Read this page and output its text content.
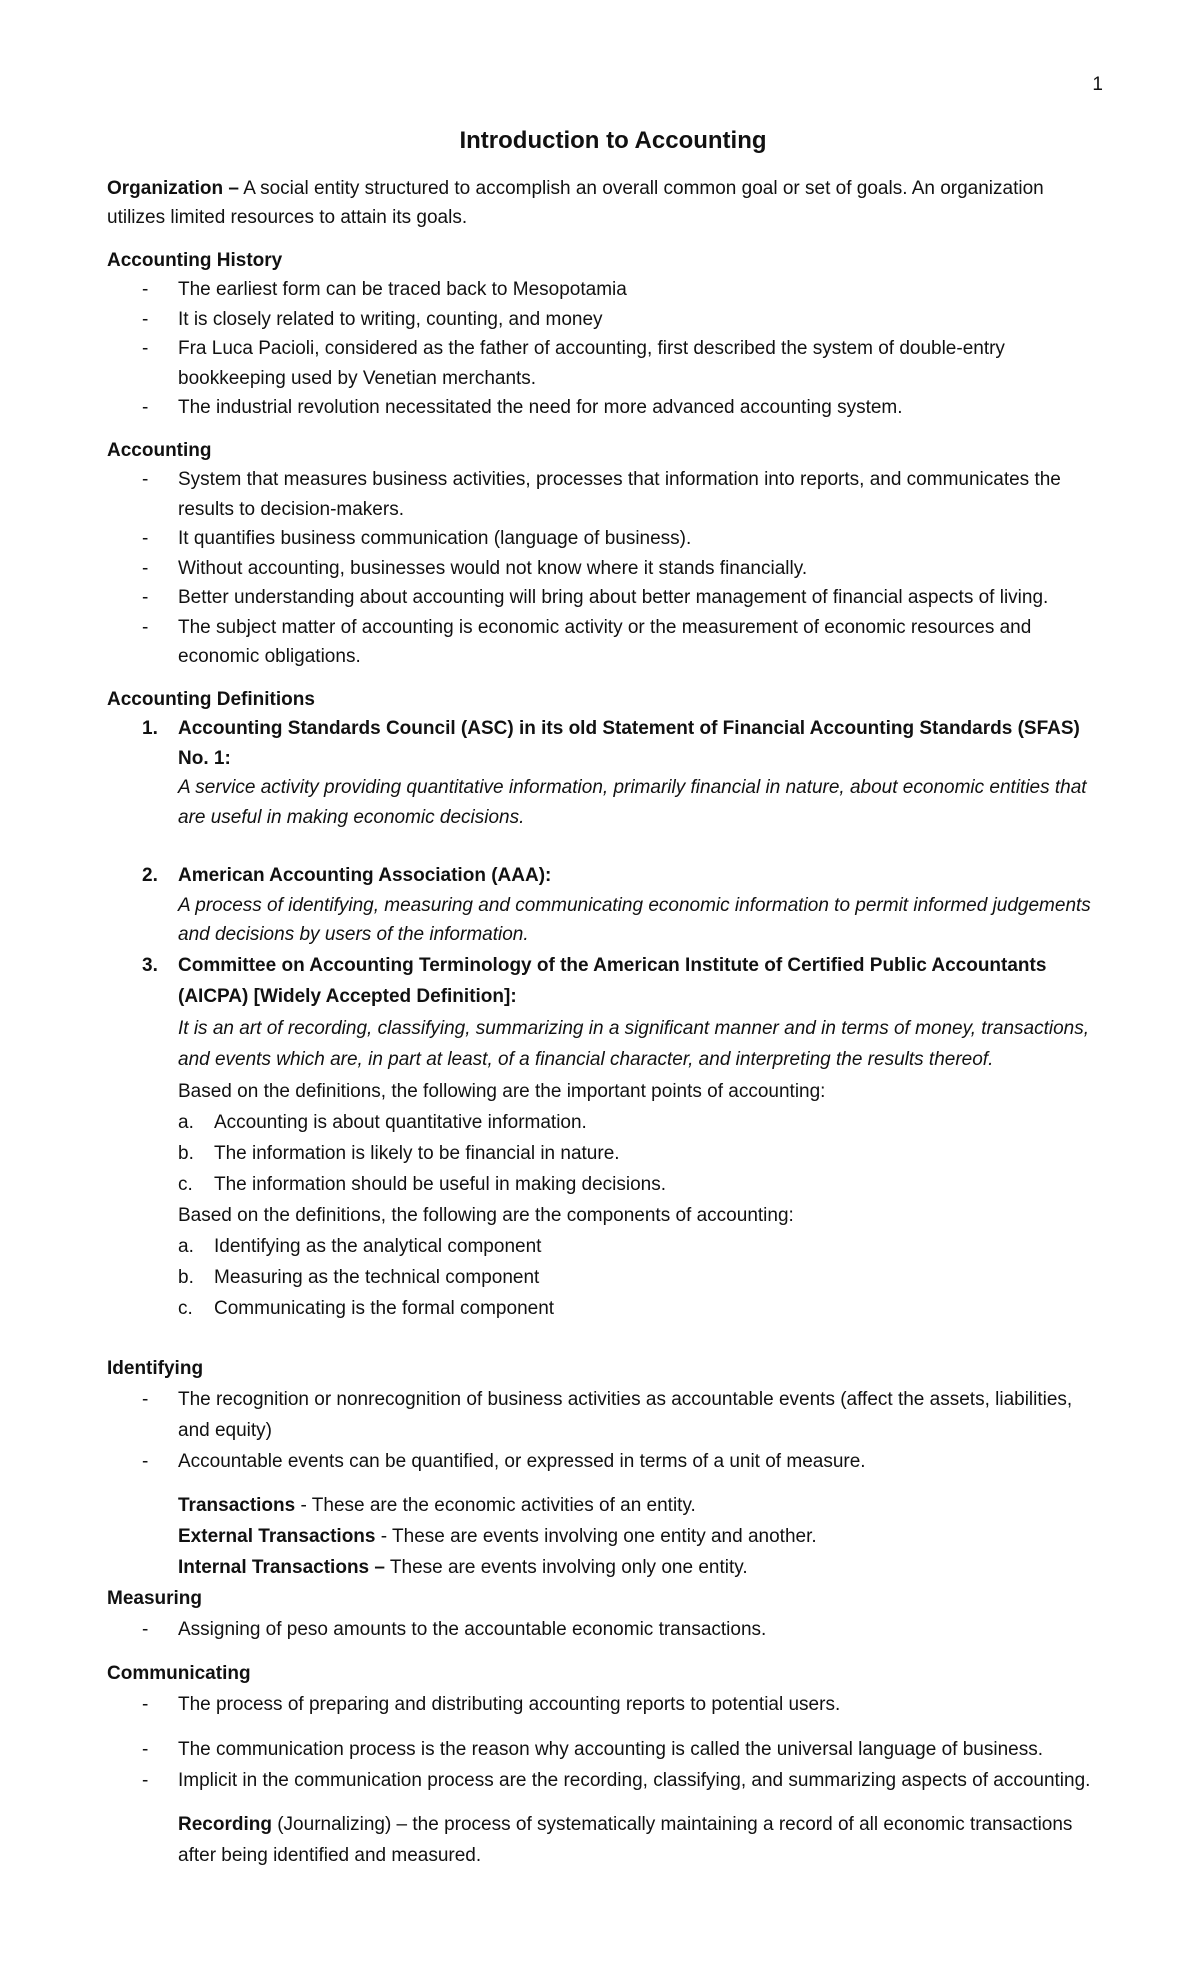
1
Introduction to Accounting

Organization – A social entity structured to accomplish an overall common goal or set of goals. An organization utilizes limited resources to attain its goals.

Accounting History
- The earliest form can be traced back to Mesopotamia
- It is closely related to writing, counting, and money
- Fra Luca Pacioli, considered as the father of accounting, first described the system of double-entry bookkeeping used by Venetian merchants.
- The industrial revolution necessitated the need for more advanced accounting system.
Accounting
- System that measures business activities, processes that information into reports, and communicates the results to decision-makers.
- It quantifies business communication (language of business).
- Without accounting, businesses would not know where it stands financially.
- Better understanding about accounting will bring about better management of financial aspects of living.
- The subject matter of accounting is economic activity or the measurement of economic resources and economic obligations.
Accounting Definitions
1. Accounting Standards Council (ASC) in its old Statement of Financial Accounting Standards (SFAS) No. 1:
A service activity providing quantitative information, primarily financial in nature, about economic entities that are useful in making economic decisions.
2. American Accounting Association (AAA):
A process of identifying, measuring and communicating economic information to permit informed judgements and decisions by users of the information.
3. Committee on Accounting Terminology of the American Institute of Certified Public Accountants (AICPA) [Widely Accepted Definition]:
It is an art of recording, classifying, summarizing in a significant manner and in terms of money, transactions, and events which are, in part at least, of a financial character, and interpreting the results thereof.
Based on the definitions, the following are the important points of accounting:
a. Accounting is about quantitative information.
b. The information is likely to be financial in nature.
c. The information should be useful in making decisions.
Based on the definitions, the following are the components of accounting:
a. Identifying as the analytical component
b. Measuring as the technical component
c. Communicating is the formal component
Identifying
- The recognition or nonrecognition of business activities as accountable events (affect the assets, liabilities, and equity)
- Accountable events can be quantified, or expressed in terms of a unit of measure.
Transactions - These are the economic activities of an entity.
External Transactions - These are events involving one entity and another.
Internal Transactions – These are events involving only one entity.
Measuring
- Assigning of peso amounts to the accountable economic transactions.
Communicating
- The process of preparing and distributing accounting reports to potential users.
- The communication process is the reason why accounting is called the universal language of business.
- Implicit in the communication process are the recording, classifying, and summarizing aspects of accounting.
Recording (Journalizing) – the process of systematically maintaining a record of all economic transactions after being identified and measured.
